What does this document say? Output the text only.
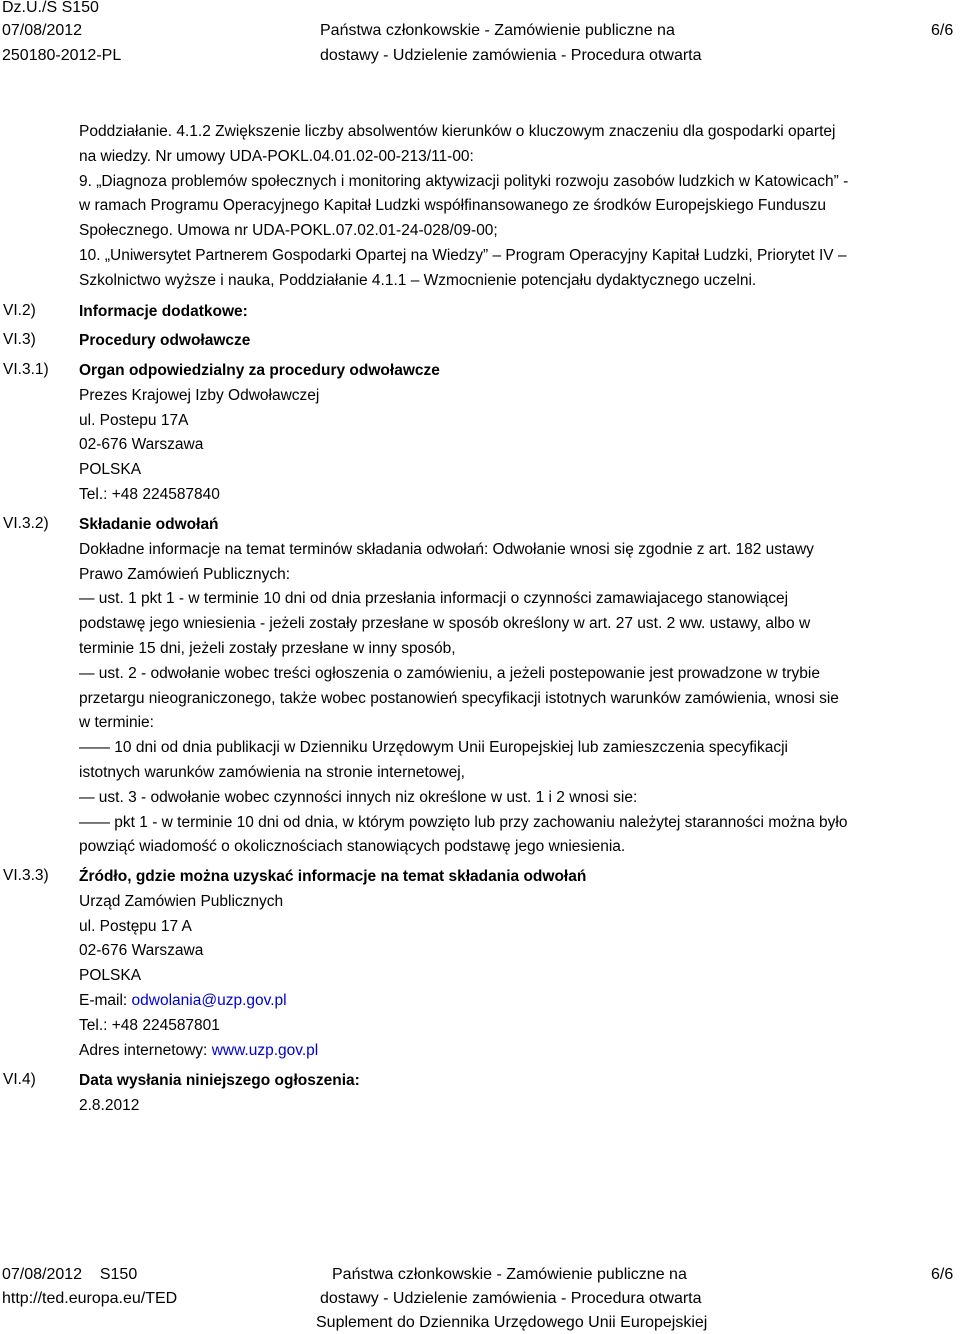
Dz.U./S S150
07/08/2012
250180-2012-PL
Państwa członkowskie - Zamówienie publiczne na
dostawy - Udzielenie zamówienia - Procedura otwarta
6/6
VI.2)
VI.3)
VI.3.1)
VI.3.2)
VI.3.3)
VI.4)
Poddziałanie. 4.1.2 Zwiększenie liczby absolwentów kierunków o kluczowym znaczeniu dla gospodarki opartej
na wiedzy. Nr umowy UDA-POKL.04.01.02-00-213/11-00:
9. „Diagnoza problemów społecznych i monitoring aktywizacji polityki rozwoju zasobów ludzkich w Katowicach” -
w ramach Programu Operacyjnego Kapitał Ludzki współfinansowanego ze środków Europejskiego Funduszu
Społecznego. Umowa nr UDA-POKL.07.02.01-24-028/09-00;
10. „Uniwersytet Partnerem Gospodarki Opartej na Wiedzy” – Program Operacyjny Kapitał Ludzki, Priorytet IV –
Szkolnictwo wyższe i nauka, Poddziałanie 4.1.1 – Wzmocnienie potencjału dydaktycznego uczelni.
Informacje dodatkowe:
Procedury odwoławcze
Organ odpowiedzialny za procedury odwoławcze
Prezes Krajowej Izby Odwoławczej
ul. Postepu 17A
02-676 Warszawa
POLSKA
Tel.: +48 224587840
Składanie odwołań
Dokładne informacje na temat terminów składania odwołań: Odwołanie wnosi się zgodnie z art. 182 ustawy
Prawo Zamówień Publicznych:
— ust. 1 pkt 1 - w terminie 10 dni od dnia przesłania informacji o czynności zamawiajacego stanowiącej
podstawę jego wniesienia - jeżeli zostały przesłane w sposób określony w art. 27 ust. 2 ww. ustawy, albo w
terminie 15 dni, jeżeli zostały przesłane w inny sposób,
— ust. 2 - odwołanie wobec treści ogłoszenia o zamówieniu, a jeżeli postepowanie jest prowadzone w trybie
przetargu nieograniczonego, także wobec postanowień specyfikacji istotnych warunków zamówienia, wnosi sie
w terminie:
—— 10 dni od dnia publikacji w Dzienniku Urzędowym Unii Europejskiej lub zamieszczenia specyfikacji
istotnych warunków zamówienia na stronie internetowej,
— ust. 3 - odwołanie wobec czynności innych niz określone w ust. 1 i 2 wnosi sie:
—— pkt 1 - w terminie 10 dni od dnia, w którym powzięto lub przy zachowaniu należytej staranności można było
powziąć wiadomość o okolicznościach stanowiących podstawę jego wniesienia.
Źródło, gdzie można uzyskać informacje na temat składania odwołań
Urząd Zamówien Publicznych
ul. Postępu 17 A
02-676 Warszawa
POLSKA
E-mail: odwolania@uzp.gov.pl
Tel.: +48 224587801
Adres internetowy: www.uzp.gov.pl
Data wysłania niniejszego ogłoszenia:
2.8.2012
07/08/2012    S150
http://ted.europa.eu/TED
Państwa członkowskie - Zamówienie publiczne na
dostawy - Udzielenie zamówienia - Procedura otwarta
Suplement do Dziennika Urzędowego Unii Europejskiej
6/6
